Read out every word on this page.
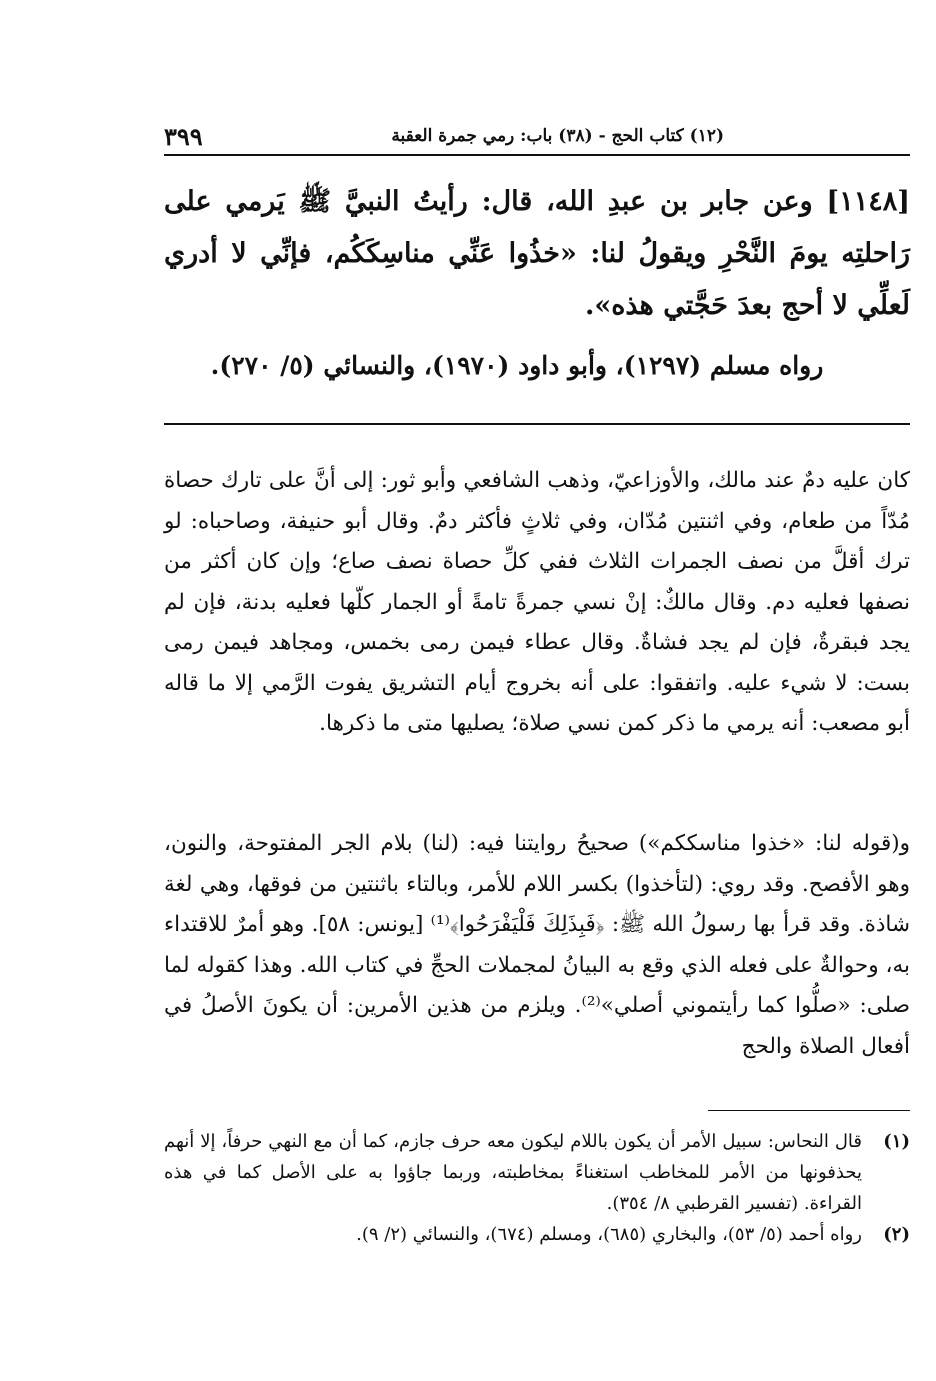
(١٢) كتاب الحج - (٣٨) باب: رمي جمرة العقبة
٣٩٩

[١١٤٨] وعن جابر بن عبدِ الله، قال: رأيتُ النبيَّ ﷺ يَرمي على رَاحلتِه يومَ النَّحْرِ ويقولُ لنا: «خذُوا عَنِّي مناسِكَكُم، فإنِّي لا أدري لَعلِّي لا أحج بعدَ حَجَّتي هذه».

رواه مسلم (١٢٩٧)، وأبو داود (١٩٧٠)، والنسائي (٥/ ٢٧٠).

كان عليه دمٌ عند مالك، والأوزاعيّ، وذهب الشافعي وأبو ثور: إلى أنَّ على تارك حصاة مُدّاً من طعام، وفي اثنتين مُدّان، وفي ثلاثٍ فأكثر دمٌ. وقال أبو حنيفة، وصاحباه: لو ترك أقلَّ من نصف الجمرات الثلاث ففي كلِّ حصاة نصف صاع؛ وإن كان أكثر من نصفها فعليه دم. وقال مالكٌ: إنْ نسي جمرةً تامةً أو الجمار كلّها فعليه بدنة، فإن لم يجد فبقرةٌ، فإن لم يجد فشاةٌ. وقال عطاء فيمن رمى بخمس، ومجاهد فيمن رمى بست: لا شيء عليه. واتفقوا: على أنه بخروج أيام التشريق يفوت الرَّمي إلا ما قاله أبو مصعب: أنه يرمي ما ذكر كمن نسي صلاة؛ يصليها متى ما ذكرها.

و(قوله لنا: «خذوا مناسككم») صحيحُ روايتنا فيه: (لنا) بلام الجر المفتوحة، والنون، وهو الأفصح. وقد روي: (لتأخذوا) بكسر اللام للأمر، وبالتاء باثنتين من فوقها، وهي لغة شاذة. وقد قرأ بها رسولُ الله ﷺ: ﴿فَبِذَلِكَ فَلْيَفْرَحُوا﴾⁽¹⁾ [يونس: ٥٨]. وهو أمرٌ للاقتداء به، وحوالةٌ على فعله الذي وقع به البيانُ لمجملات الحجِّ في كتاب الله. وهذا كقوله لما صلى: «صلُّوا كما رأيتموني أصلي»⁽²⁾. ويلزم من هذين الأمرين: أن يكونَ الأصلُ في أفعال الصلاة والحج

(١)
قال النحاس: سبيل الأمر أن يكون باللام ليكون معه حرف جازم، كما أن مع النهي حرفاً، إلا أنهم يحذفونها من الأمر للمخاطب استغناءً بمخاطبته، وربما جاؤوا به على الأصل كما في هذه القراءة. (تفسير القرطبي ٨/ ٣٥٤).
(٢)
رواه أحمد (٥/ ٥٣)، والبخاري (٦٨٥)، ومسلم (٦٧٤)، والنسائي (٢/ ٩).
